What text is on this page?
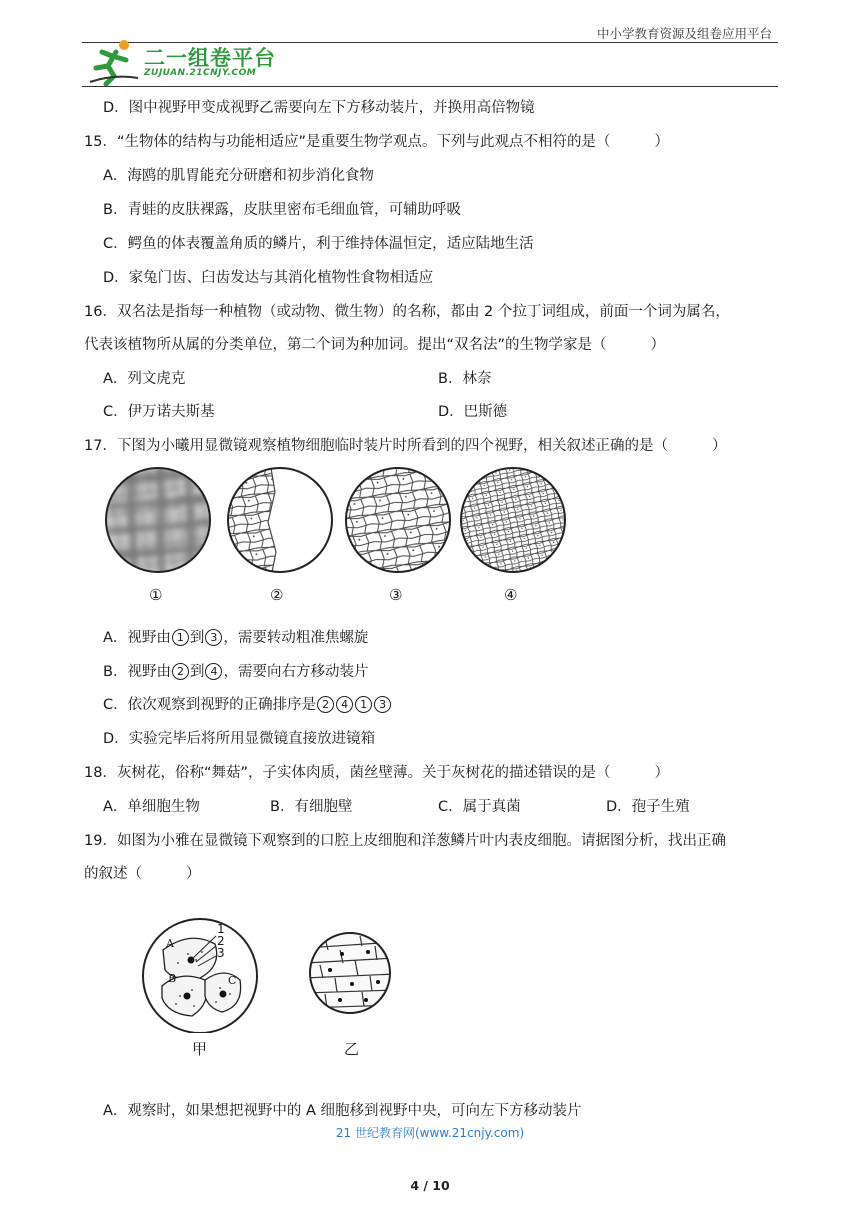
中小学教育资源及组卷应用平台
二一组卷平台
ZUJUAN.21CNJY.COM
D．图中视野甲变成视野乙需要向左下方移动装片，并换用高倍物镜
15．“生物体的结构与功能相适应”是重要生物学观点。下列与此观点不相符的是（	）
A．海鸥的肌胃能充分研磨和初步消化食物
B．青蛙的皮肤裸露，皮肤里密布毛细血管，可辅助呼吸
C．鳄鱼的体表覆盖角质的鳞片，利于维持体温恒定，适应陆地生活
D．家兔门齿、臼齿发达与其消化植物性食物相适应
16．双名法是指每一种植物（或动物、微生物）的名称，都由 2 个拉丁词组成，前面一个词为属名，
代表该植物所从属的分类单位，第二个词为种加词。提出“双名法”的生物学家是（	）
A．列文虎克	B．林奈
C．伊万诺夫斯基	D．巴斯德
17．下图为小曦用显微镜观察植物细胞临时装片时所看到的四个视野，相关叙述正确的是（	）
①	②	③	④
A．视野由 1 到 3 ，需要转动粗准焦螺旋
B．视野由 2 到 4 ，需要向右方移动装片
C．依次观察到视野的正确排序是 2 4 1 3
D．实验完毕后将所用显微镜直接放进镜箱
18．灰树花，俗称“舞菇”，子实体肉质，菌丝壁薄。关于灰树花的描述错误的是（	）
A．单细胞生物	B．有细胞壁	C．属于真菌	D．孢子生殖
19．如图为小雅在显微镜下观察到的口腔上皮细胞和洋葱鳞片叶内表皮细胞。请据图分析，找出正确
的叙述（	）
A
B	C
1
2
3
甲	乙
A．观察时，如果想把视野中的 A 细胞移到视野中央，可向左下方移动装片
21 世纪教育网(www.21cnjy.com)
4 / 10
